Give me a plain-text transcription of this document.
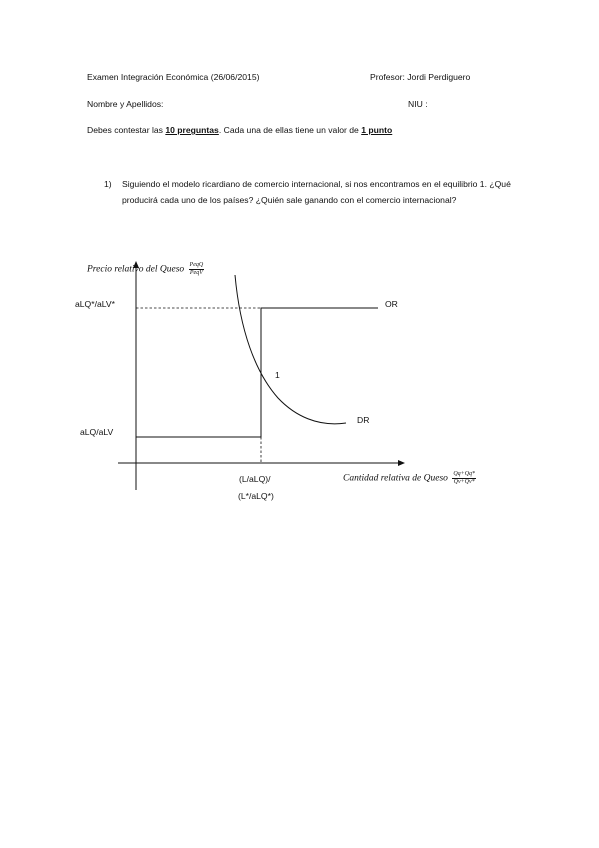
Examen Integración Económica (26/06/2015)	Profesor: Jordi Perdiguero
Nombre y Apellidos:	NIU :
Debes contestar las 10 preguntas. Cada una de ellas tiene un valor de 1 punto
1) Siguiendo el modelo ricardiano de comercio internacional, si nos encontramos en el equilibrio 1. ¿Qué producirá cada uno de los países? ¿Quién sale ganando con el comercio internacional?
Precio relativo del Queso $\frac{\text{PeqQ}}{\text{PeqV}}$
aLQ*/aLV*
aLQ/aLV
OR
DR
1
(L/aLQ)/
(L*/aLQ*)
Cantidad relativa de Queso $\frac{Qq+Qq*}{Qv+Qv*}$
